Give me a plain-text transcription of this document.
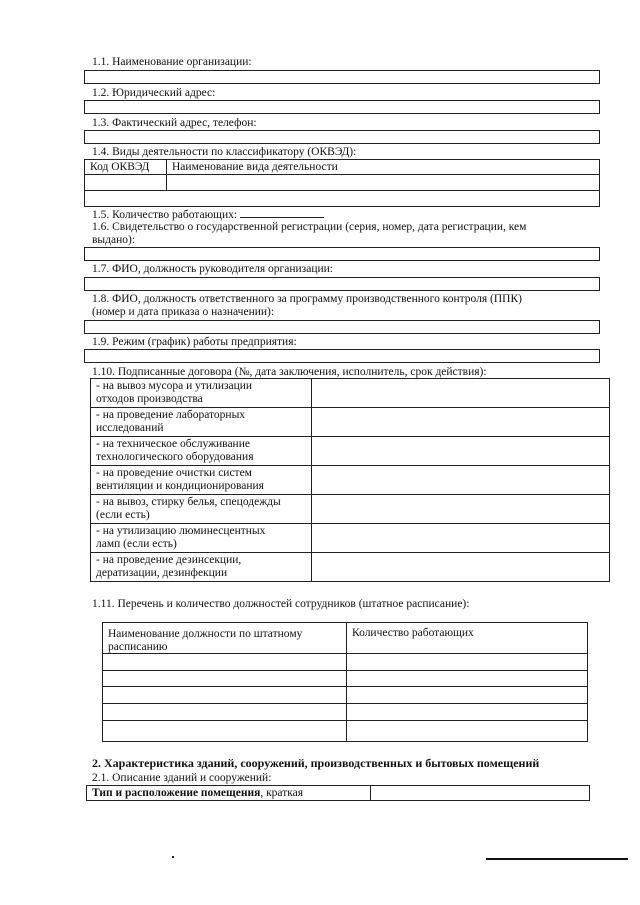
1.1. Наименование организации:
1.2. Юридический адрес:
1.3. Фактический адрес, телефон:
1.4. Виды деятельности по классификатору (ОКВЭД):
Код ОКВЭД Наименование вида деятельности
1.5. Количество работающих:
1.6. Свидетельство о государственной регистрации (серия, номер, дата регистрации, кем
выдано):
1.7. ФИО, должность руководителя организации:
1.8. ФИО, должность ответственного за программу производственного контроля (ППК)
(номер и дата приказа о назначении):
1.9. Режим (график) работы предприятия:
1.10. Подписанные договора (№, дата заключения, исполнитель, срок действия):
- на вывоз мусора и утилизации
отходов производства
- на проведение лабораторных
исследований
- на техническое обслуживание
технологического оборудования
- на проведение очистки систем
вентиляции и кондиционирования
- на вывоз, стирку белья, спецодежды
(если есть)
- на утилизацию люминесцентных
ламп (если есть)
- на проведение дезинсекции,
дератизации, дезинфекции
1.11. Перечень и количество должностей сотрудников (штатное расписание):
Наименование должности по штатному
расписанию
Количество работающих
2. Характеристика зданий, сооружений, производственных и бытовых помещений
2.1. Описание зданий и сооружений:
Тип и расположение помещения, краткая
